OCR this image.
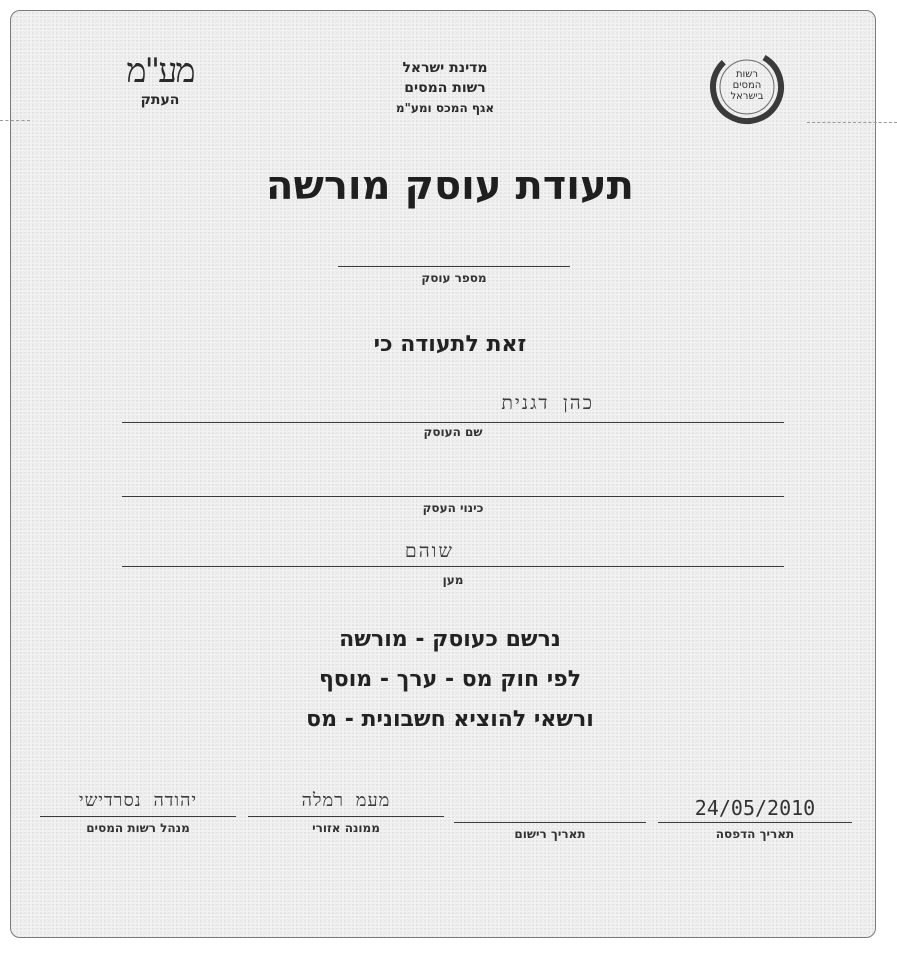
מדינת ישראל
רשות המסים
אגף המכס ומע"מ
מע"מ
העתק
רשות
המסים
בישראל
תעודת עוסק מורשה
מספר עוסק
זאת לתעודה כי
כהן דגנית
שם העוסק
כינוי העסק
שוהם
מען
נרשם כעוסק - מורשה
לפי חוק מס - ערך - מוסף
ורשאי להוציא חשבונית - מס
24/05/2010
תאריך הדפסה
תאריך רישום
מעמ רמלה
ממונה אזורי
יהודה נסרדישי
מנהל רשות המסים
